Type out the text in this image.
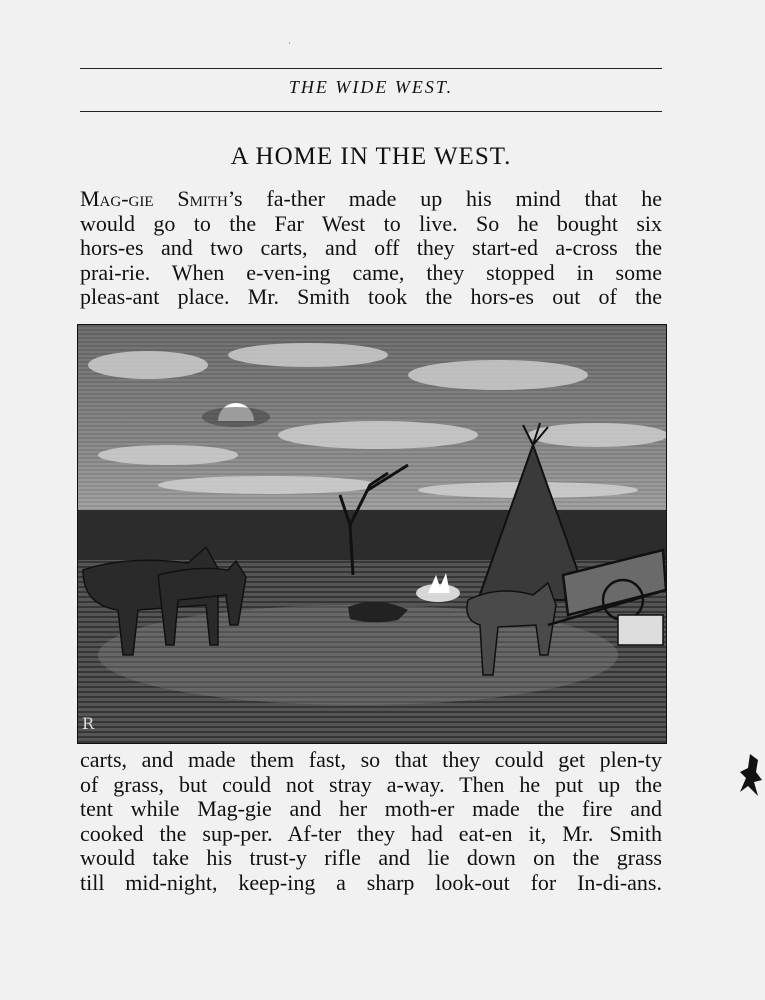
·
THE WIDE WEST.
A HOME IN THE WEST.
Mag-gie Smith’s fa-ther made up his mind that he
would go to the Far West to live. So he bought six
hors-es and two carts, and off they start-ed a-cross the
prai-rie. When e-ven-ing came, they stopped in some
pleas-ant place. Mr. Smith took the hors-es out of the
R
carts, and made them fast, so that they could get plen-ty
of grass, but could not stray a-way. Then he put up the
tent while Mag-gie and her moth-er made the fire and
cooked the sup-per. Af-ter they had eat-en it, Mr. Smith
would take his trust-y rifle and lie down on the grass
till mid-night, keep-ing a sharp look-out for In-di-ans.
